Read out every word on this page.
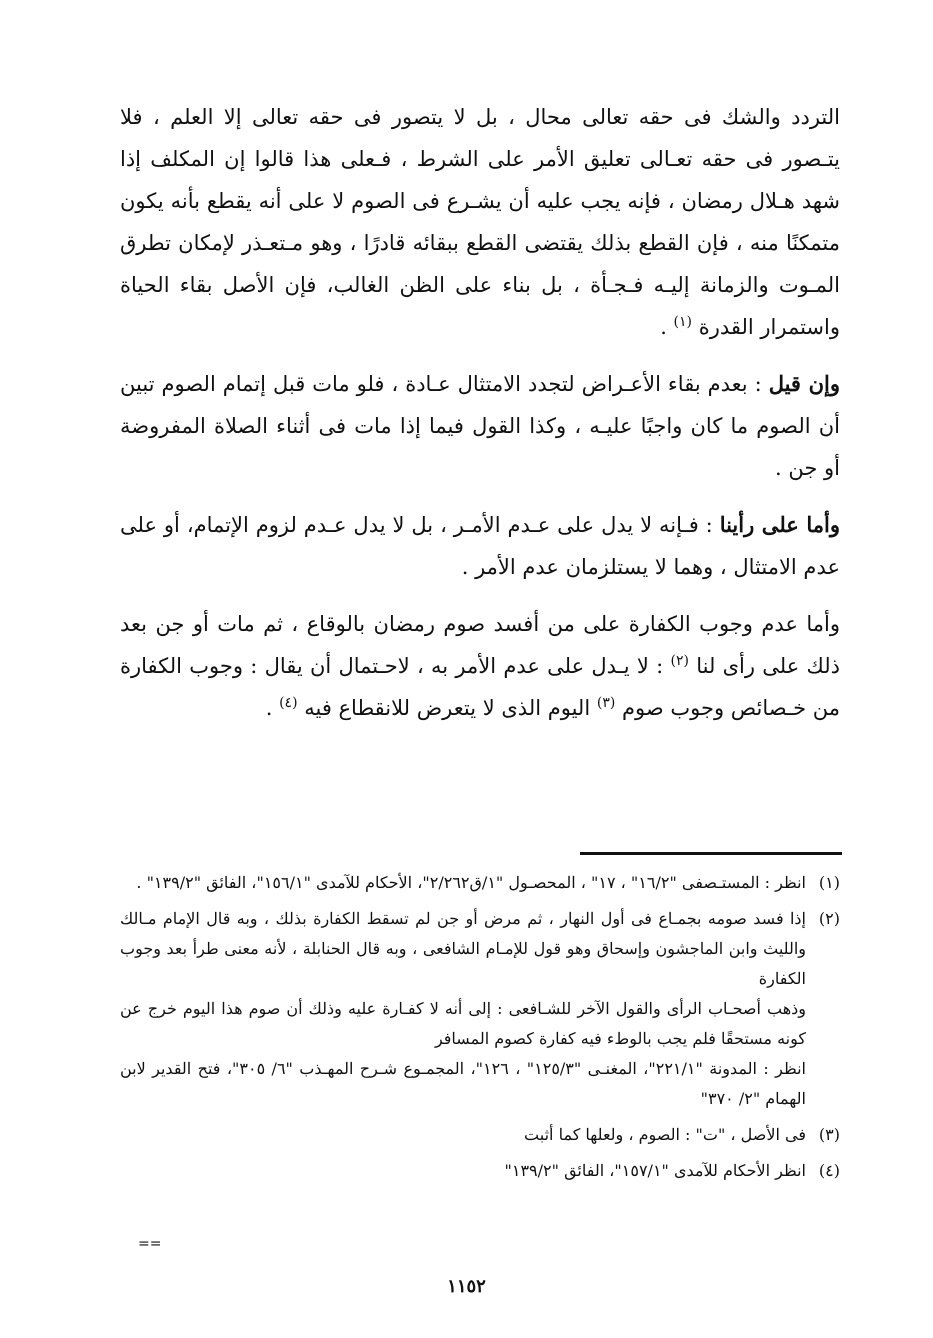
التردد والشك فى حقه تعالى محال ، بل لا يتصور فى حقه تعالى إلا العلم ، فلا يتـصور فى حقه تعـالى تعليق الأمر على الشرط ، فـعلى هذا قالوا إن المكلف إذا شهد هـلال رمضان ، فإنه يجب عليه أن يشـرع فى الصوم لا على أنه يقطع بأنه يكون متمكنًا منه ، فإن القطع بذلك يقتضى القطع ببقائه قادرًا ، وهو مـتعـذر لإمكان تطرق المـوت والزمانة إليـه فـجـأة ، بل بناء على الظن الغالب، فإن الأصل بقاء الحياة واستمرار القدرة $^{(١)}$ .

وإن قيل : بعدم بقاء الأعـراض لتجدد الامتثال عـادة ، فلو مات قبل إتمام الصوم تبين أن الصوم ما كان واجبًا عليـه ، وكذا القول فيما إذا مات فى أثناء الصلاة المفروضة أو جن .

وأما على رأينا : فـإنه لا يدل على عـدم الأمـر ، بل لا يدل عـدم لزوم الإتمام، أو على عدم الامتثال ، وهما لا يستلزمان عدم الأمر .

وأما عدم وجوب الكفارة على من أفسد صوم رمضان بالوقاع ، ثم مات أو جن بعد ذلك على رأى لنا $^{(٢)}$ : لا يـدل على عدم الأمر به ، لاحـتمال أن يقال : وجوب الكفارة من خـصائص وجوب صوم $^{(٣)}$ اليوم الذى لا يتعرض للانقطاع فيه $^{(٤)}$ .

(١)
انظر : المستـصفى "١٦/٢" ، ١٧" ، المحصـول "١/ق٢/٢٦٢"، الأحكام للآمدى "١٥٦/١"، الفائق "١٣٩/٢" .
(٢)
إذا فسد صومه بجمـاع فى أول النهار ، ثم مرض أو جن لم تسقط الكفارة بذلك ، وبه قال الإمام مـالك والليث وابن الماجشون وإسحاق وهو قول للإمـام الشافعى ، وبه قال الحنابلة ، لأنه معنى طرأ بعد وجوب الكفارة
وذهب أصحـاب الرأى والقول الآخر للشـافعى : إلى أنه لا كفـارة عليه وذلك أن صوم هذا اليوم خرج عن كونه مستحقًا فلم يجب بالوطء فيه كفارة كصوم المسافر
انظر : المدونة "٢٢١/١"، المغنـى "١٢٥/٣" ، ١٢٦"، المجمـوع شـرح المهـذب "٦/ ٣٠٥"، فتح القدير لابن الهمام "٢/ ٣٧٠"
(٣)
فى الأصل ، "ت" : الصوم ، ولعلها كما أثبت
(٤)
انظر الأحكام للآمدى "١٥٧/١"، الفائق "١٣٩/٢"
==
١١٥٢
